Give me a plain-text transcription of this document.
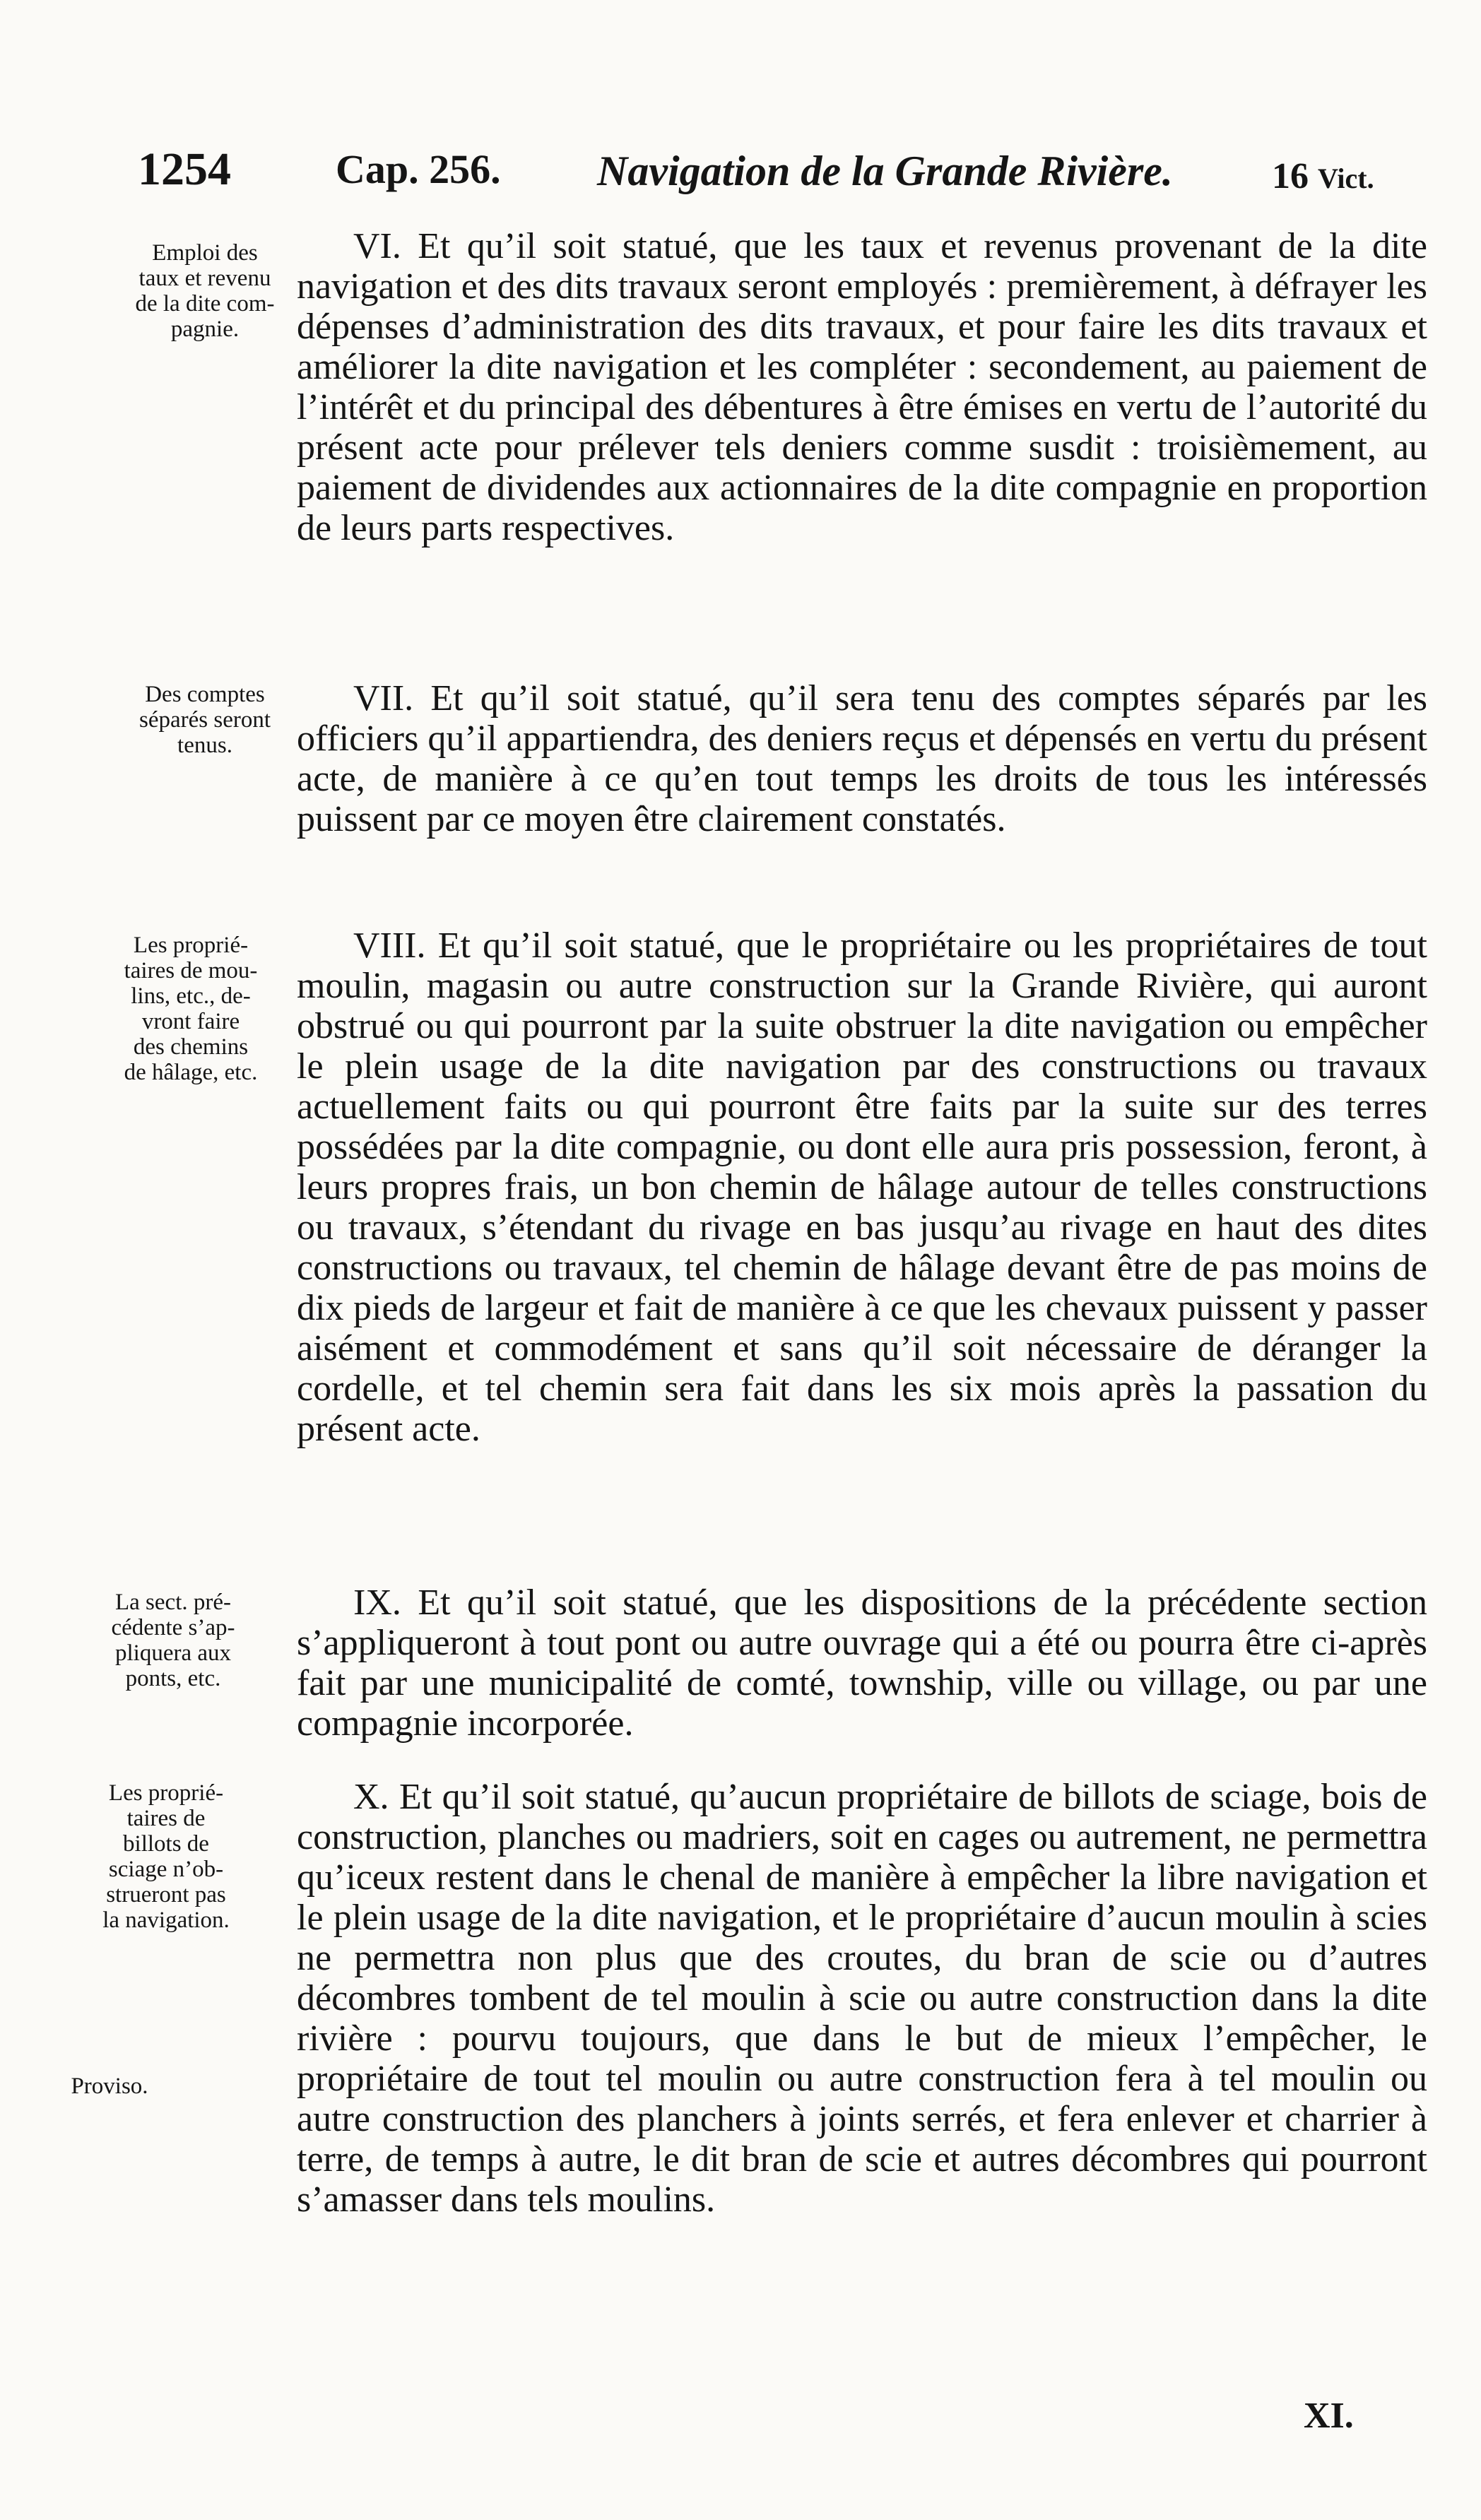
1254	Cap. 256. Navigation de la Grande Rivière.	16 Vict.
Emploi des
taux et revenu
de la dite com-
pagnie.

VI. Et qu’il soit statué, que les taux et revenus provenant de la dite navigation et des dits travaux seront employés : premièrement, à défrayer les dépenses d’administration des dits travaux, et pour faire les dits travaux et améliorer la dite navigation et les compléter : secondement, au paiement de l’intérêt et du principal des débentures à être émises en vertu de l’autorité du présent acte pour prélever tels deniers comme susdit : troisièmement, au paiement de dividendes aux actionnaires de la dite compagnie en proportion de leurs parts respectives.

Des comptes
séparés seront
tenus.

VII. Et qu’il soit statué, qu’il sera tenu des comptes séparés par les officiers qu’il appartiendra, des deniers reçus et dépensés en vertu du présent acte, de manière à ce qu’en tout temps les droits de tous les intéressés puissent par ce moyen être clairement constatés.

Les proprié-
taires de mou-
lins, etc., de-
vront faire
des chemins
de hâlage, etc.

VIII. Et qu’il soit statué, que le propriétaire ou les propriétaires de tout moulin, magasin ou autre construction sur la Grande Rivière, qui auront obstrué ou qui pourront par la suite obstruer la dite navigation ou empêcher le plein usage de la dite navigation par des constructions ou travaux actuellement faits ou qui pourront être faits par la suite sur des terres possédées par la dite compagnie, ou dont elle aura pris possession, feront, à leurs propres frais, un bon chemin de hâlage autour de telles constructions ou travaux, s’étendant du rivage en bas jusqu’au rivage en haut des dites constructions ou travaux, tel chemin de hâlage devant être de pas moins de dix pieds de largeur et fait de manière à ce que les chevaux puissent y passer aisément et commodément et sans qu’il soit nécessaire de déranger la cordelle, et tel chemin sera fait dans les six mois après la passation du présent acte.

La sect. pré-
cédente s’ap-
pliquera aux
ponts, etc.

IX. Et qu’il soit statué, que les dispositions de la précédente section s’appliqueront à tout pont ou autre ouvrage qui a été ou pourra être ci-après fait par une municipalité de comté, township, ville ou village, ou par une compagnie incorporée.

Les proprié-
taires de
billots de
sciage n’ob-
strueront pas
la navigation.
Proviso.

X. Et qu’il soit statué, qu’aucun propriétaire de billots de sciage, bois de construction, planches ou madriers, soit en cages ou autrement, ne permettra qu’iceux restent dans le chenal de manière à empêcher la libre navigation et le plein usage de la dite navigation, et le propriétaire d’aucun moulin à scies ne permettra non plus que des croutes, du bran de scie ou d’autres décombres tombent de tel moulin à scie ou autre construction dans la dite rivière : pourvu toujours, que dans le but de mieux l’empêcher, le propriétaire de tout tel moulin ou autre construction fera à tel moulin ou autre construction des planchers à joints serrés, et fera enlever et charrier à terre, de temps à autre, le dit bran de scie et autres décombres qui pourront s’amasser dans tels moulins.

XI.
